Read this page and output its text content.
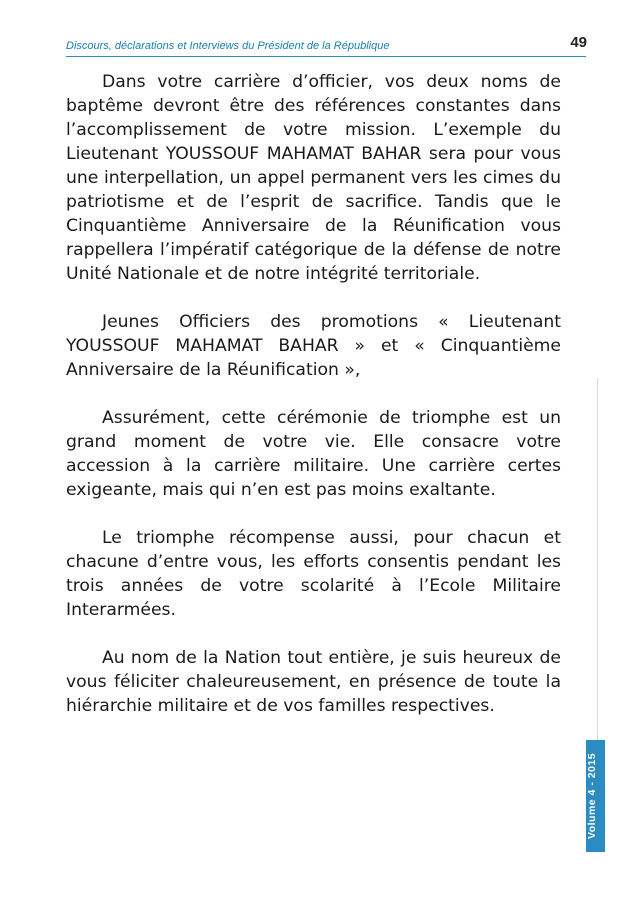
Discours, déclarations et Interviews du Président de la République	49

Dans votre carrière d’officier, vos deux noms de baptême devront être des références constantes dans l’accomplissement de votre mission. L’exemple du Lieutenant YOUSSOUF MAHAMAT BAHAR sera pour vous une interpellation, un appel permanent vers les cimes du patriotisme et de l’esprit de sacrifice. Tandis que le Cinquantième Anniversaire de la Réunification vous rappellera l’impératif catégorique de la défense de notre Unité Nationale et de notre intégrité territoriale.

Jeunes Officiers des promotions « Lieutenant YOUSSOUF MAHAMAT BAHAR » et « Cinquantième Anniversaire de la Réunification »,

Assurément, cette cérémonie de triomphe est un grand moment de votre vie. Elle consacre votre accession à la carrière militaire. Une carrière certes exigeante, mais qui n’en est pas moins exaltante.

Le triomphe récompense aussi, pour chacun et chacune d’entre vous, les efforts consentis pendant les trois années de votre scolarité à l’Ecole Militaire Interarmées.

Au nom de la Nation tout entière, je suis heureux de vous féliciter chaleureusement, en présence de toute la hiérarchie militaire et de vos familles respectives.

Volume 4 - 2015
